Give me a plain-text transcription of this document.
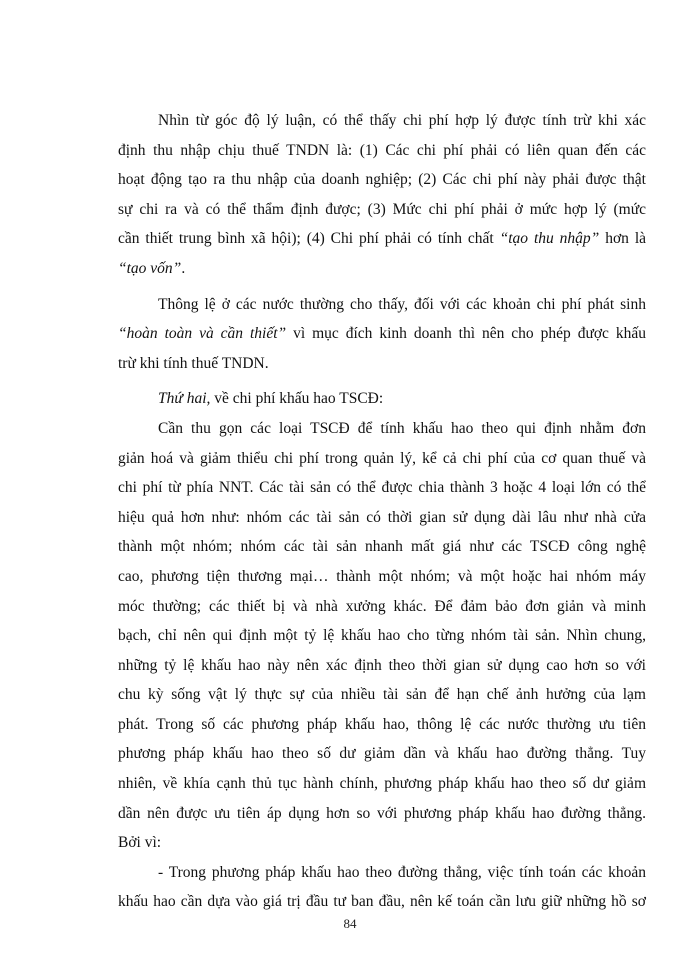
Nhìn từ góc độ lý luận, có thể thấy chi phí hợp lý được tính trừ khi xác
định thu nhập chịu thuế TNDN là: (1) Các chi phí phải có liên quan đến các
hoạt động tạo ra thu nhập của doanh nghiệp; (2) Các chi phí này phải được thật
sự chi ra và có thể thẩm định được; (3) Mức chi phí phải ở mức hợp lý (mức
cần thiết trung bình xã hội); (4) Chi phí phải có tính chất “tạo thu nhập” hơn là
“tạo vốn”.
Thông lệ ở các nước thường cho thấy, đối với các khoản chi phí phát sinh
“hoàn toàn và cần thiết” vì mục đích kinh doanh thì nên cho phép được khấu
trừ khi tính thuế TNDN.
Thứ hai, về chi phí khấu hao TSCĐ:
Cần thu gọn các loại TSCĐ để tính khấu hao theo qui định nhằm đơn
giản hoá và giảm thiểu chi phí trong quản lý, kể cả chi phí của cơ quan thuế và
chi phí từ phía NNT. Các tài sản có thể được chia thành 3 hoặc 4 loại lớn có thể
hiệu quả hơn như: nhóm các tài sản có thời gian sử dụng dài lâu như nhà cửa
thành một nhóm; nhóm các tài sản nhanh mất giá như các TSCĐ công nghệ
cao, phương tiện thương mại… thành một nhóm; và một hoặc hai nhóm máy
móc thường; các thiết bị và nhà xưởng khác. Để đảm bảo đơn giản và minh
bạch, chỉ nên qui định một tỷ lệ khấu hao cho từng nhóm tài sản. Nhìn chung,
những tỷ lệ khấu hao này nên xác định theo thời gian sử dụng cao hơn so với
chu kỳ sống vật lý thực sự của nhiều tài sản để hạn chế ảnh hưởng của lạm
phát. Trong số các phương pháp khấu hao, thông lệ các nước thường ưu tiên
phương pháp khấu hao theo số dư giảm dần và khấu hao đường thẳng. Tuy
nhiên, về khía cạnh thủ tục hành chính, phương pháp khấu hao theo số dư giảm
dần nên được ưu tiên áp dụng hơn so với phương pháp khấu hao đường thẳng.
Bởi vì:
- Trong phương pháp khấu hao theo đường thẳng, việc tính toán các khoản
khấu hao cần dựa vào giá trị đầu tư ban đầu, nên kế toán cần lưu giữ những hồ sơ
84
